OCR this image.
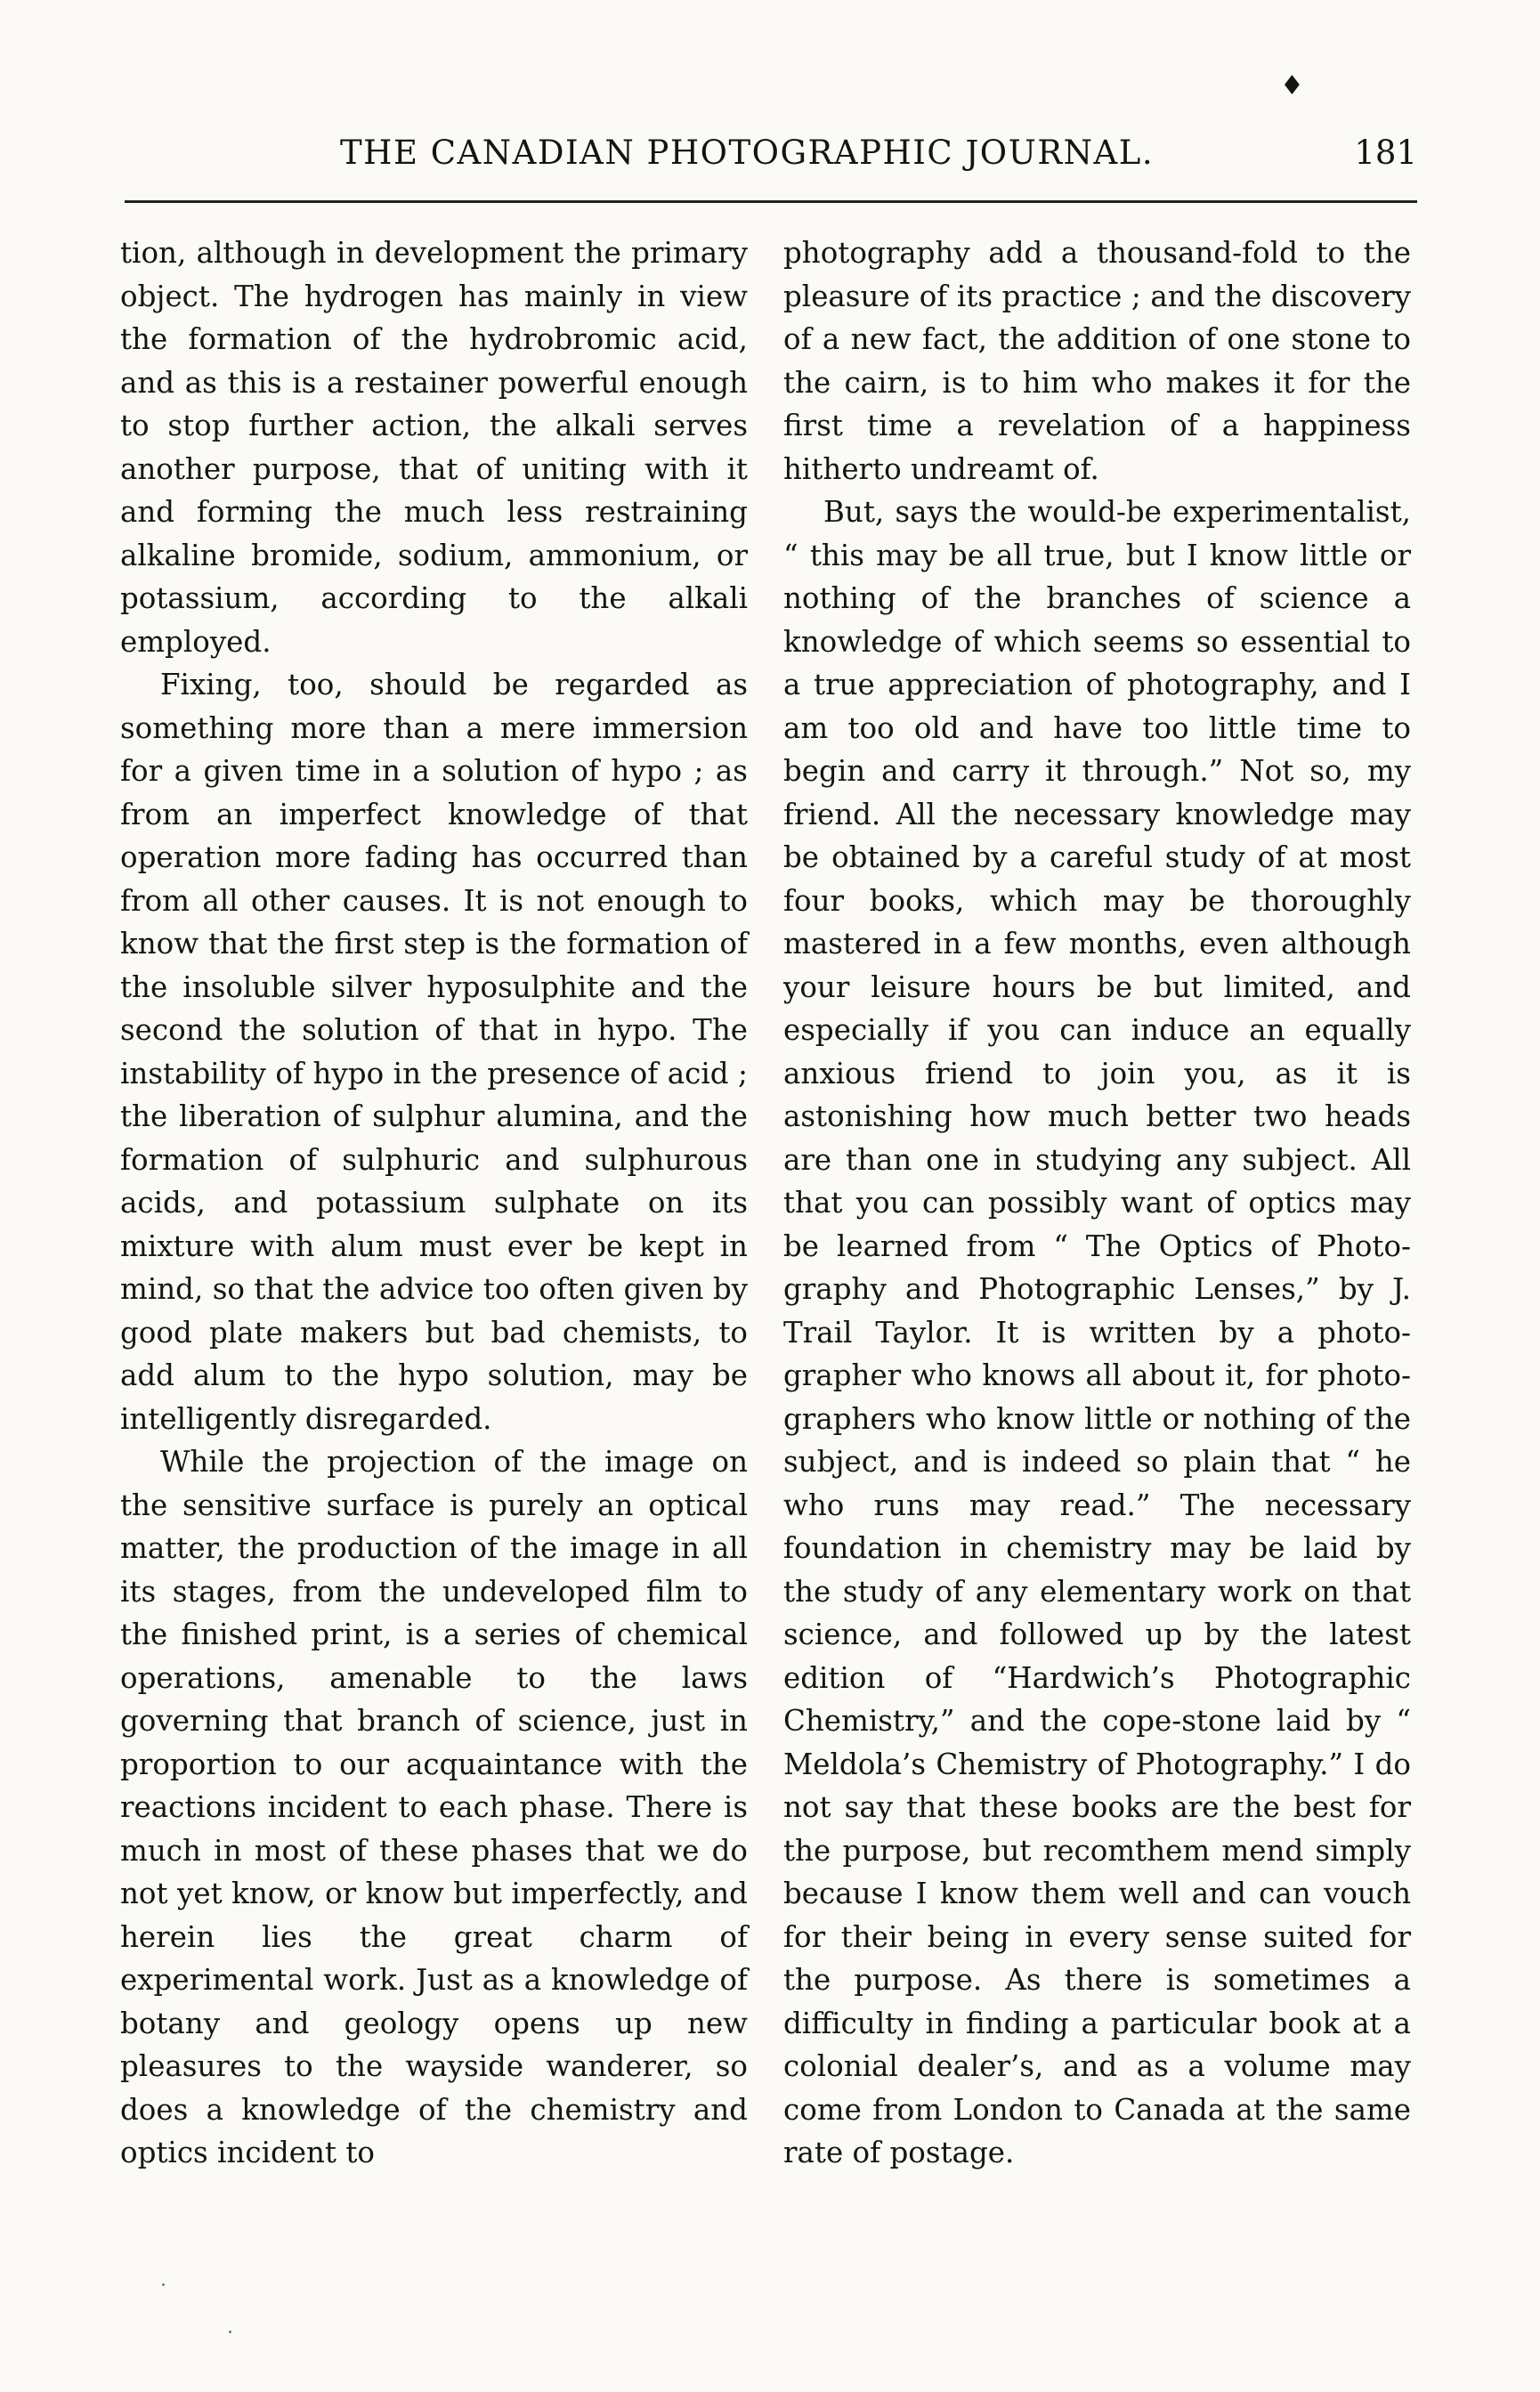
♦
THE CANADIAN PHOTOGRAPHIC JOURNAL.	181

tion, although in development the primary object. The hydrogen has mainly in view the formation of the hydrobromic acid, and as this is a restainer powerful enough to stop further action, the alkali serves another purpose, that of uniting with it and forming the much less restraining alkaline bromide, sodium, ammonium, or potassium, according to the alkali employed.

Fixing, too, should be regarded as something more than a mere immersion for a given time in a solution of hypo ; as from an imperfect knowledge of that operation more fading has occurred than from all other causes. It is not enough to know that the first step is the formation of the insoluble silver hyposulphite and the second the solution of that in hypo. The instability of hypo in the presence of acid ; the liberation of sulphur alumina, and the formation of sulphuric and sulphurous acids, and potassium sulphate on its mixture with alum must ever be kept in mind, so that the advice too often given by good plate makers but bad chemists, to add alum to the hypo solution, may be intelligently disregarded.

While the projection of the image on the sensitive surface is purely an optical matter, the production of the image in all its stages, from the undeveloped film to the finished print, is a series of chemical operations, amenable to the laws governing that branch of science, just in proportion to our acquaintance with the reactions incident to each phase. There is much in most of these phases that we do not yet know, or know but imperfectly, and herein lies the great charm of experimental work. Just as a knowledge of botany and geology opens up new pleasures to the wayside wanderer, so does a knowledge of the chemistry and optics incident to

photography add a thousand-fold to the pleasure of its practice ; and the discovery of a new fact, the addition of one stone to the cairn, is to him who makes it for the first time a revelation of a happiness hitherto undreamt of.

But, says the would-be experimentalist, “ this may be all true, but I know little or nothing of the branches of science a knowledge of which seems so essential to a true appreciation of photography, and I am too old and have too little time to begin and carry it through.” Not so, my friend. All the necessary knowledge may be obtained by a careful study of at most four books, which may be thoroughly mastered in a few months, even although your leisure hours be but limited, and especially if you can induce an equally anxious friend to join you, as it is astonishing how much better two heads are than one in studying any subject. All that you can possibly want of optics may be learned from “ The Optics of Photography and Photographic Lenses,” by J. Trail Taylor. It is written by a photographer who knows all about it, for photographers who know little or nothing of the subject, and is indeed so plain that “ he who runs may read.” The necessary foundation in chemistry may be laid by the study of any elementary work on that science, and followed up by the latest edition of “Hardwich’s Photographic Chemistry,” and the cope-stone laid by “ Meldola’s Chemistry of Photography.” I do not say that these books are the best for the purpose, but recomthem mend simply because I know them well and can vouch for their being in every sense suited for the purpose. As there is sometimes a difficulty in finding a particular book at a colonial dealer’s, and as a volume may come from London to Canada at the same rate of postage.
